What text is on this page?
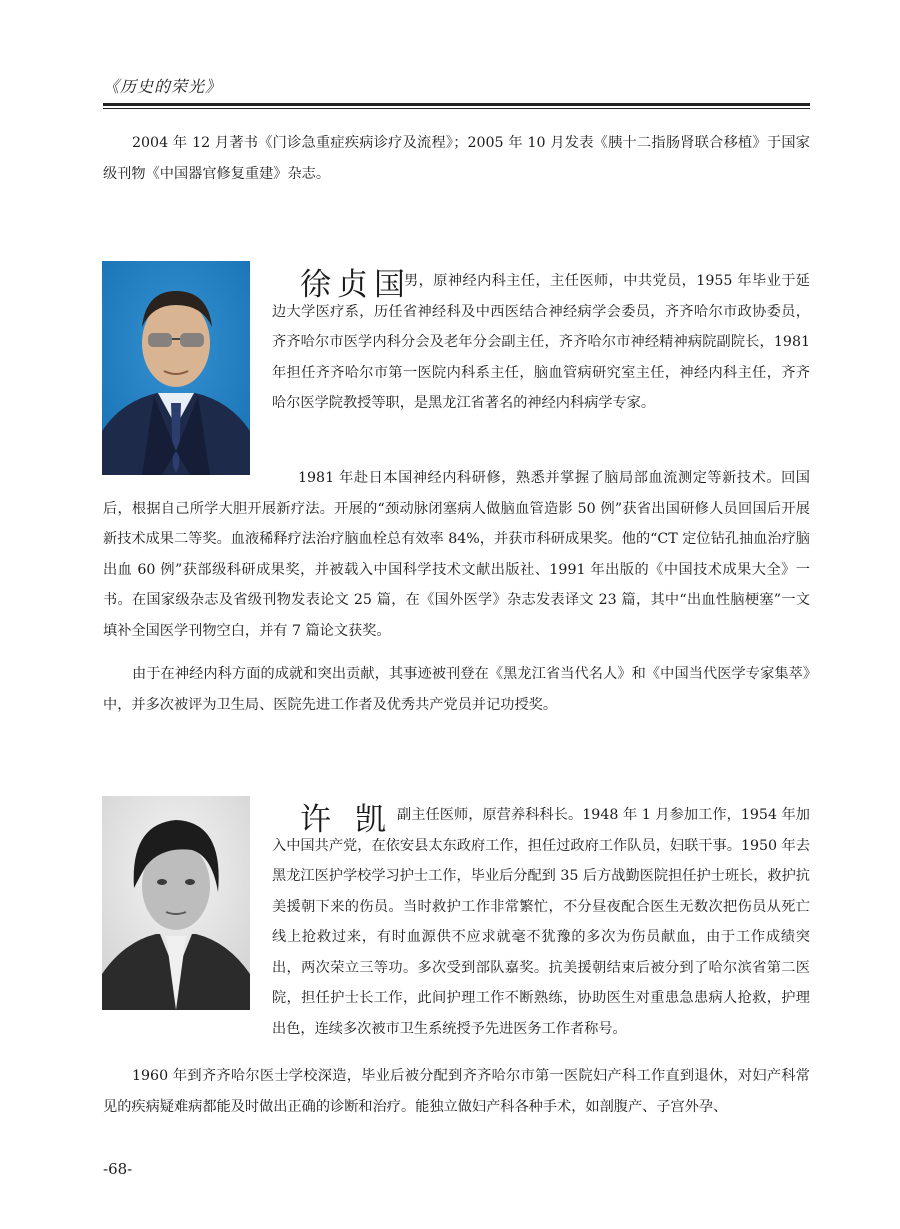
《历史的荣光》

2004 年 12 月著书《门诊急重症疾病诊疗及流程》；2005 年 10 月发表《胰十二指肠肾联合移植》于国家级刊物《中国器官修复重建》杂志。

徐贞国
男，原神经内科主任，主任医师，中共党员，1955 年毕业于延边大学医疗系，历任省神经科及中西医结合神经病学会委员，齐齐哈尔市政协委员，齐齐哈尔市医学内科分会及老年分会副主任，齐齐哈尔市神经精神病院副院长，1981 年担任齐齐哈尔市第一医院内科系主任，脑血管病研究室主任，神经内科主任，齐齐哈尔医学院教授等职，是黑龙江省著名的神经内科病学专家。

1981 年赴日本国神经内科研修，熟悉并掌握了脑局部血流测定等新技术。回国后，根据自己所学大胆开展新疗法。开展的“颈动脉闭塞病人做脑血管造影 50 例”获省出国研修人员回国后开展新技术成果二等奖。血液稀释疗法治疗脑血栓总有效率 84%，并获市科研成果奖。他的“CT 定位钻孔抽血治疗脑出血 60 例”获部级科研成果奖，并被载入中国科学技术文献出版社、1991 年出版的《中国技术成果大全》一书。在国家级杂志及省级刊物发表论文 25 篇，在《国外医学》杂志发表译文 23 篇，其中“出血性脑梗塞”一文填补全国医学刊物空白，并有 7 篇论文获奖。

由于在神经内科方面的成就和突出贡献，其事迹被刊登在《黑龙江省当代名人》和《中国当代医学专家集萃》中，并多次被评为卫生局、医院先进工作者及优秀共产党员并记功授奖。

许凯
副主任医师，原营养科科长。1948 年 1 月参加工作，1954 年加入中国共产党，在依安县太东政府工作，担任过政府工作队员，妇联干事。1950 年去黑龙江医护学校学习护士工作，毕业后分配到 35 后方战勤医院担任护士班长，救护抗美援朝下来的伤员。当时救护工作非常繁忙，不分昼夜配合医生无数次把伤员从死亡线上抢救过来，有时血源供不应求就毫不犹豫的多次为伤员献血，由于工作成绩突出，两次荣立三等功。多次受到部队嘉奖。抗美援朝结束后被分到了哈尔滨省第二医院，担任护士长工作，此间护理工作不断熟练，协助医生对重患急患病人抢救，护理出色，连续多次被市卫生系统授予先进医务工作者称号。

1960 年到齐齐哈尔医士学校深造，毕业后被分配到齐齐哈尔市第一医院妇产科工作直到退休，对妇产科常见的疾病疑难病都能及时做出正确的诊断和治疗。能独立做妇产科各种手术，如剖腹产、子宫外孕、

-68-
